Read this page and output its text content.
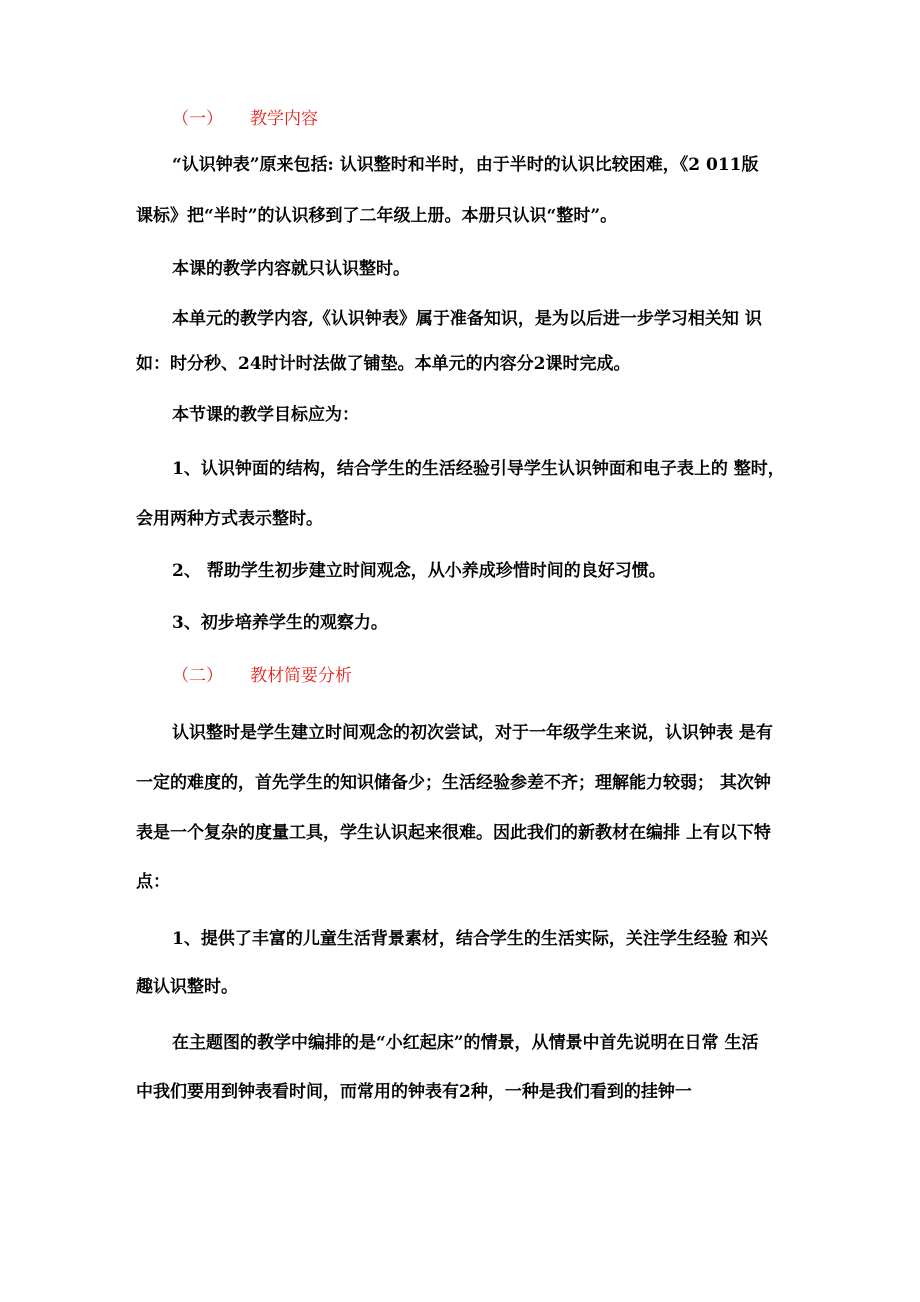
（一） 教学内容
“认识钟表”原来包括: 认识整时和半时，由于半时的认识比较困难，《2 011版
课标》把“半时”的认识移到了二年级上册。本册只认识“整时”。
本课的教学内容就只认识整时。
本单元的教学内容,《认识钟表》属于准备知识，是为以后进一步学习相关知 识
如：时分秒、24时计时法做了铺垫。本单元的内容分2课时完成。
本节课的教学目标应为：
1、认识钟面的结构，结合学生的生活经验引导学生认识钟面和电子表上的 整时，
会用两种方式表示整时。
2、 帮助学生初步建立时间观念，从小养成珍惜时间的良好习惯。
3、初步培养学生的观察力。
（二） 教材简要分析
认识整时是学生建立时间观念的初次尝试，对于一年级学生来说，认识钟表 是有
一定的难度的，首先学生的知识储备少；生活经验参差不齐；理解能力较弱； 其次钟
表是一个复杂的度量工具，学生认识起来很难。因此我们的新教材在编排 上有以下特
点：
1、提供了丰富的儿童生活背景素材，结合学生的生活实际，关注学生经验 和兴
趣认识整时。
在主题图的教学中编排的是“小红起床”的情景，从情景中首先说明在日常 生活
中我们要用到钟表看时间，而常用的钟表有2种，一种是我们看到的挂钟一
